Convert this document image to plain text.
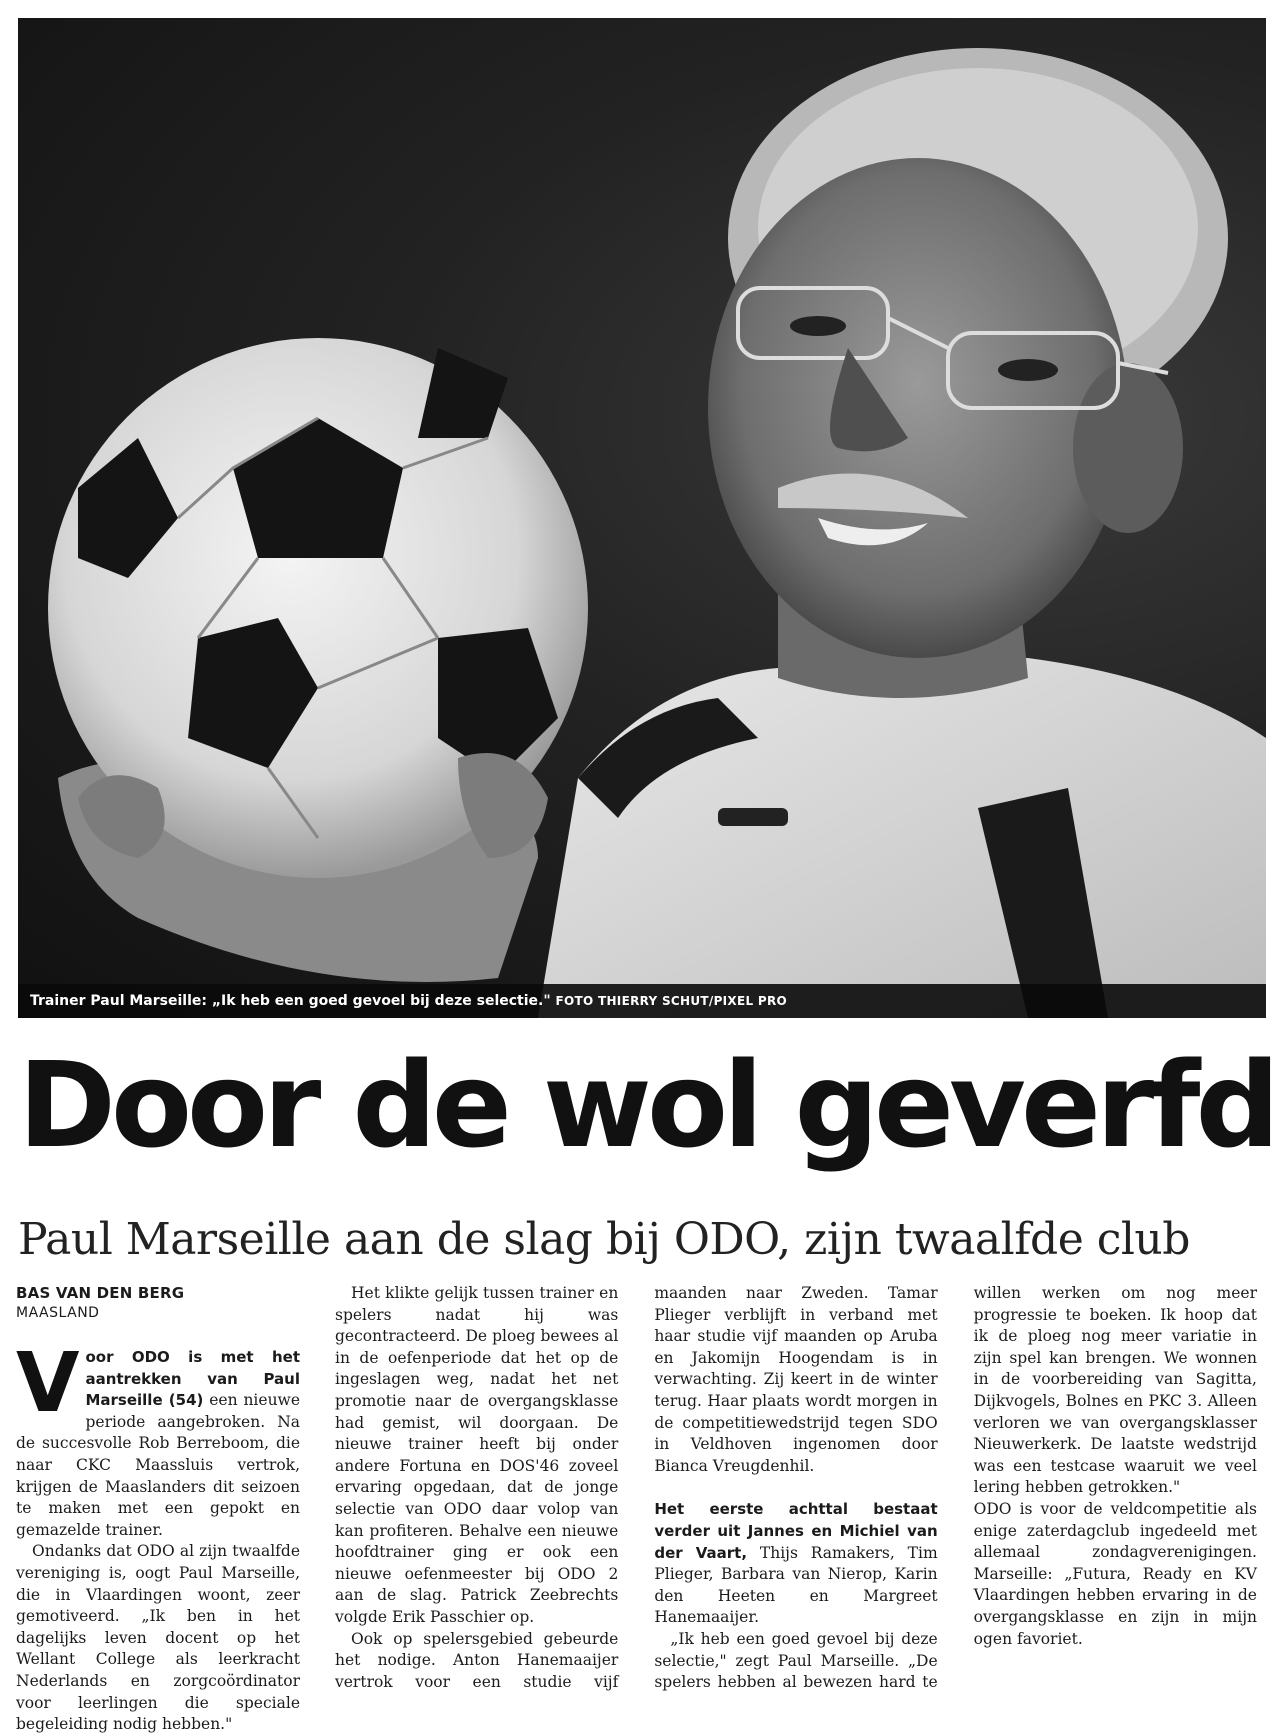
Trainer Paul Marseille: „Ik heb een goed gevoel bij deze selectie." FOTO THIERRY SCHUT/PIXEL PRO
Door de wol geverfd
Paul Marseille aan de slag bij ODO, zijn twaalfde club
BAS VAN DEN BERG
MAASLAND

Voor ODO is met het aantrekken van Paul Marseille (54) een nieuwe periode aangebroken. Na de succesvolle Rob Berreboom, die naar CKC Maassluis vertrok, krijgen de Maaslanders dit seizoen te maken met een gepokt en gemazelde trainer.

Ondanks dat ODO al zijn twaalfde vereniging is, oogt Paul Marseille, die in Vlaardingen woont, zeer gemotiveerd. „Ik ben in het dagelijks leven docent op het Wellant College als leerkracht Nederlands en zorgcoördinator voor leerlingen die speciale begeleiding nodig hebben."

Het klikte gelijk tussen trainer en spelers nadat hij was gecontracteerd. De ploeg bewees al in de oefenperiode dat het op de ingeslagen weg, nadat het net promotie naar de overgangsklasse had gemist, wil doorgaan. De nieuwe trainer heeft bij onder andere Fortuna en DOS'46 zoveel ervaring opgedaan, dat de jonge selectie van ODO daar volop van kan profiteren. Behalve een nieuwe hoofdtrainer ging er ook een nieuwe oefenmeester bij ODO 2 aan de slag. Patrick Zeebrechts volgde Erik Passchier op.

Ook op spelersgebied gebeurde het nodige. Anton Hanemaaijer vertrok voor een studie vijf maanden naar Zweden. Tamar Plieger verblijft in verband met haar studie vijf maanden op Aruba en Jakomijn Hoogendam is in verwachting. Zij keert in de winter terug. Haar plaats wordt morgen in de competitiewedstrijd tegen SDO in Veldhoven ingenomen door Bianca Vreugdenhil.

Het eerste achttal bestaat verder uit Jannes en Michiel van der Vaart, Thijs Ramakers, Tim Plieger, Barbara van Nierop, Karin den Heeten en Margreet Hanemaaijer.

„Ik heb een goed gevoel bij deze selectie," zegt Paul Marseille. „De spelers hebben al bewezen hard te willen werken om nog meer progressie te boeken. Ik hoop dat ik de ploeg nog meer variatie in zijn spel kan brengen. We wonnen in de voorbereiding van Sagitta, Dijkvogels, Bolnes en PKC 3. Alleen verloren we van overgangsklasser Nieuwerkerk. De laatste wedstrijd was een testcase waaruit we veel lering hebben getrokken."

ODO is voor de veldcompetitie als enige zaterdagclub ingedeeld met allemaal zondagverenigingen. Marseille: „Futura, Ready en KV Vlaardingen hebben ervaring in de overgangsklasse en zijn in mijn ogen favoriet.
